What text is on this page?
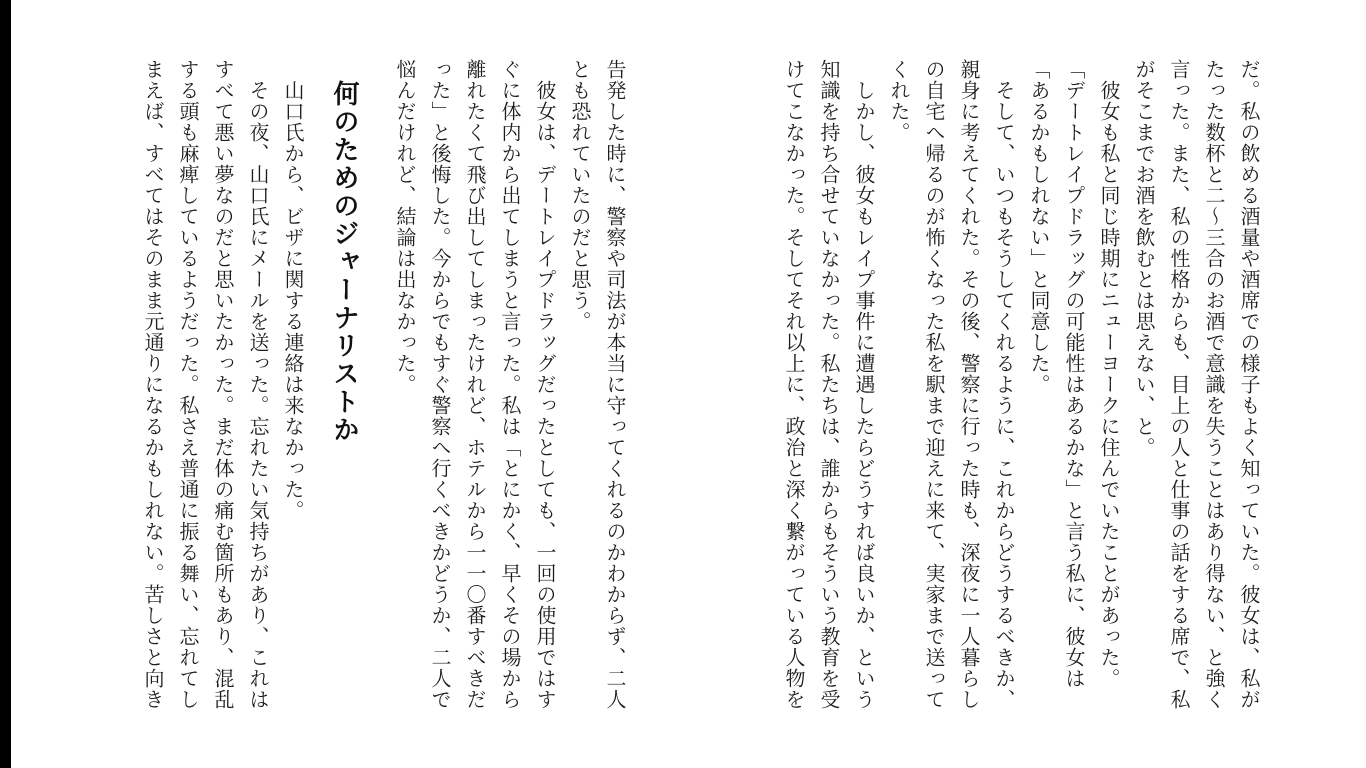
だ。私の飲める酒量や酒席での様子もよく知っていた。彼女は、私がたった数杯と二〜三合のお酒で意識を失うことはあり得ない、と強く言った。また、私の性格からも、目上の人と仕事の話をする席で、私がそこまでお酒を飲むとは思えない、と。

彼女も私と同じ時期にニューヨークに住んでいたことがあった。

「デートレイプドラッグの可能性はあるかな」と言う私に、彼女は「あるかもしれない」と同意した。

そして、いつもそうしてくれるように、これからどうするべきか、親身に考えてくれた。その後、警察に行った時も、深夜に一人暮らしの自宅へ帰るのが怖くなった私を駅まで迎えに来て、実家まで送ってくれた。

しかし、彼女もレイプ事件に遭遇したらどうすれば良いか、という知識を持ち合せていなかった。私たちは、誰からもそういう教育を受けてこなかった。そしてそれ以上に、政治と深く繋がっている人物を

告発した時に、警察や司法が本当に守ってくれるのかわからず、二人とも恐れていたのだと思う。

彼女は、デートレイプドラッグだったとしても、一回の使用ではすぐに体内から出てしまうと言った。私は「とにかく、早くその場から離れたくて飛び出してしまったけれど、ホテルから一一〇番すべきだった」と後悔した。今からでもすぐ警察へ行くべきかどうか、二人で悩んだけれど、結論は出なかった。

何のためのジャーナリストか

山口氏から、ビザに関する連絡は来なかった。

その夜、山口氏にメールを送った。忘れたい気持ちがあり、これはすべて悪い夢なのだと思いたかった。まだ体の痛む箇所もあり、混乱する頭も麻痺しているようだった。私さえ普通に振る舞い、忘れてしまえば、すべてはそのまま元通りになるかもしれない。苦しさと向き
